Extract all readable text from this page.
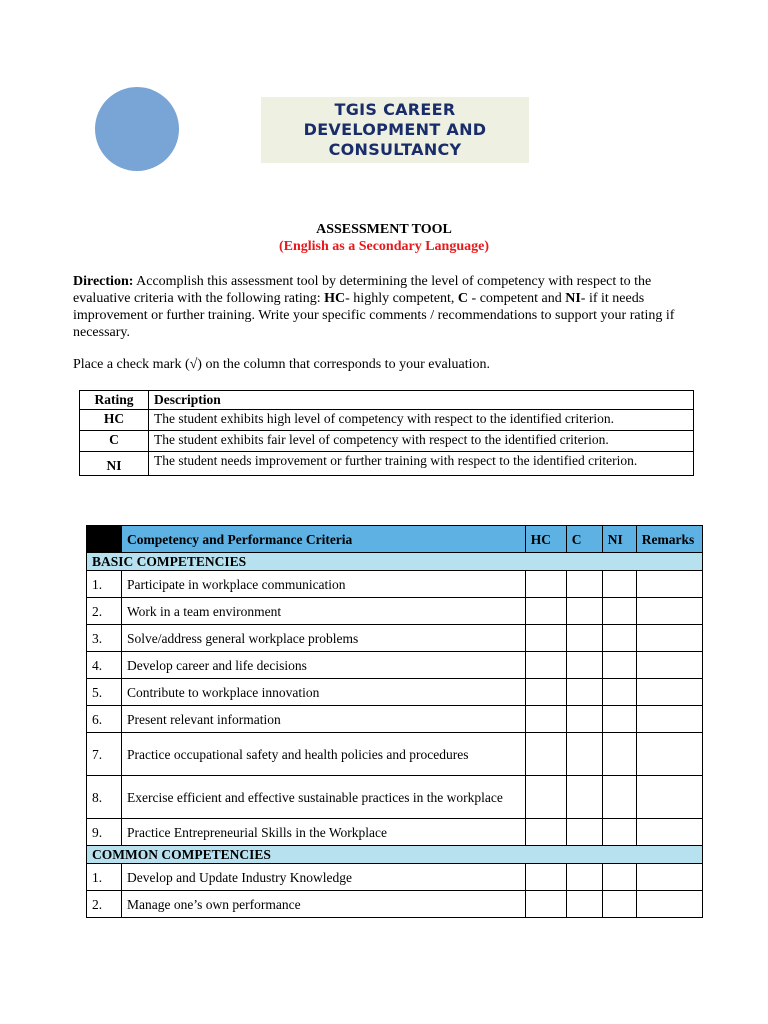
TGIS CAREER
DEVELOPMENT AND
CONSULTANCY
ASSESSMENT TOOL
(English as a Secondary Language)
Direction: Accomplish this assessment tool by determining the level of competency with respect to the evaluative criteria with the following rating: HC- highly competent, C - competent and NI- if it needs improvement or further training. Write your specific comments / recommendations to support your rating if necessary.
Place a check mark (√) on the column that corresponds to your evaluation.
Rating	Description
HC	The student exhibits high level of competency with respect to the identified criterion.
C	The student exhibits fair level of competency with respect to the identified criterion.
NI	The student needs improvement or further training with respect to the identified criterion.
	Competency and Performance Criteria	HC	C	NI	Remarks
BASIC COMPETENCIES					
1.	Participate in workplace communication				
2.	Work in a team environment				
3.	Solve/address general workplace problems				
4.	Develop career and life decisions				
5.	Contribute to workplace innovation				
6.	Present relevant information				
7.	Practice occupational safety and health policies and procedures				
8.	Exercise efficient and effective sustainable practices in the workplace				
9.	Practice Entrepreneurial Skills in the Workplace				
COMMON COMPETENCIES					
1.	Develop and Update Industry Knowledge				
2.	Manage one’s own performance				
